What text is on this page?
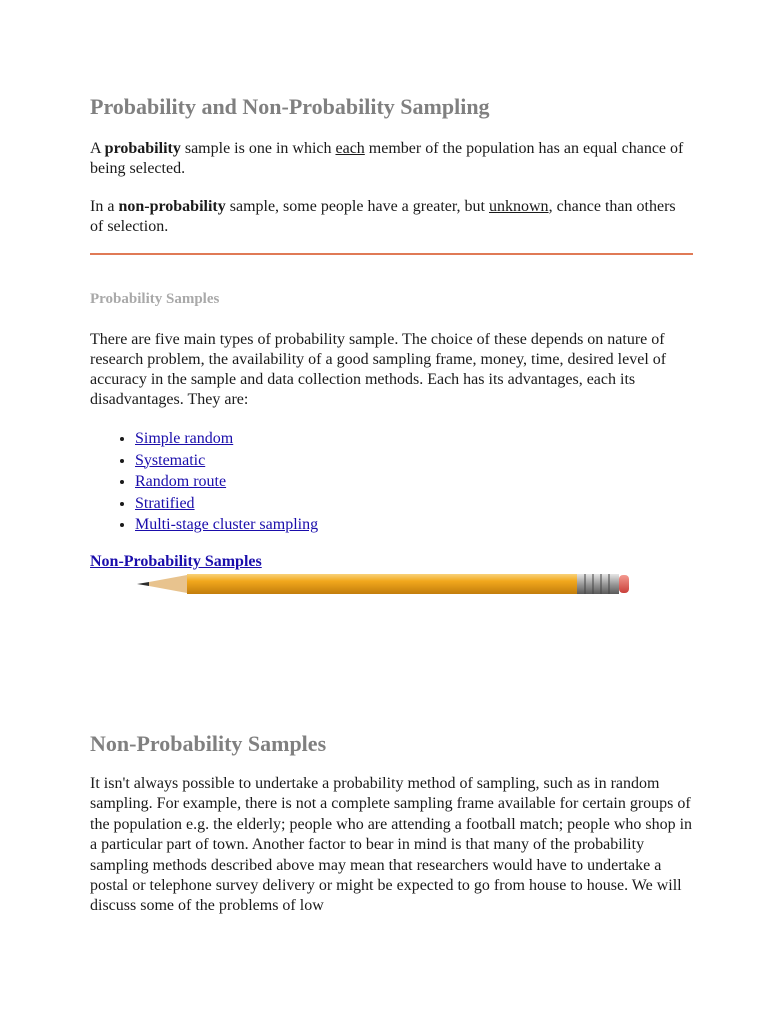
Probability and Non-Probability Sampling

A probability sample is one in which each member of the population has an equal chance of being selected.

In a non-probability sample, some people have a greater, but unknown, chance than others of selection.

Probability Samples

There are five main types of probability sample. The choice of these depends on nature of research problem, the availability of a good sampling frame, money, time, desired level of accuracy in the sample and data collection methods. Each has its advantages, each its disadvantages. They are:

• Simple random
• Systematic
• Random route
• Stratified
• Multi-stage cluster sampling
Non-Probability Samples
Non-Probability Samples

It isn't always possible to undertake a probability method of sampling, such as in random sampling. For example, there is not a complete sampling frame available for certain groups of the population e.g. the elderly; people who are attending a football match; people who shop in a particular part of town. Another factor to bear in mind is that many of the probability sampling methods described above may mean that researchers would have to undertake a postal or telephone survey delivery or might be expected to go from house to house. We will discuss some of the problems of low
